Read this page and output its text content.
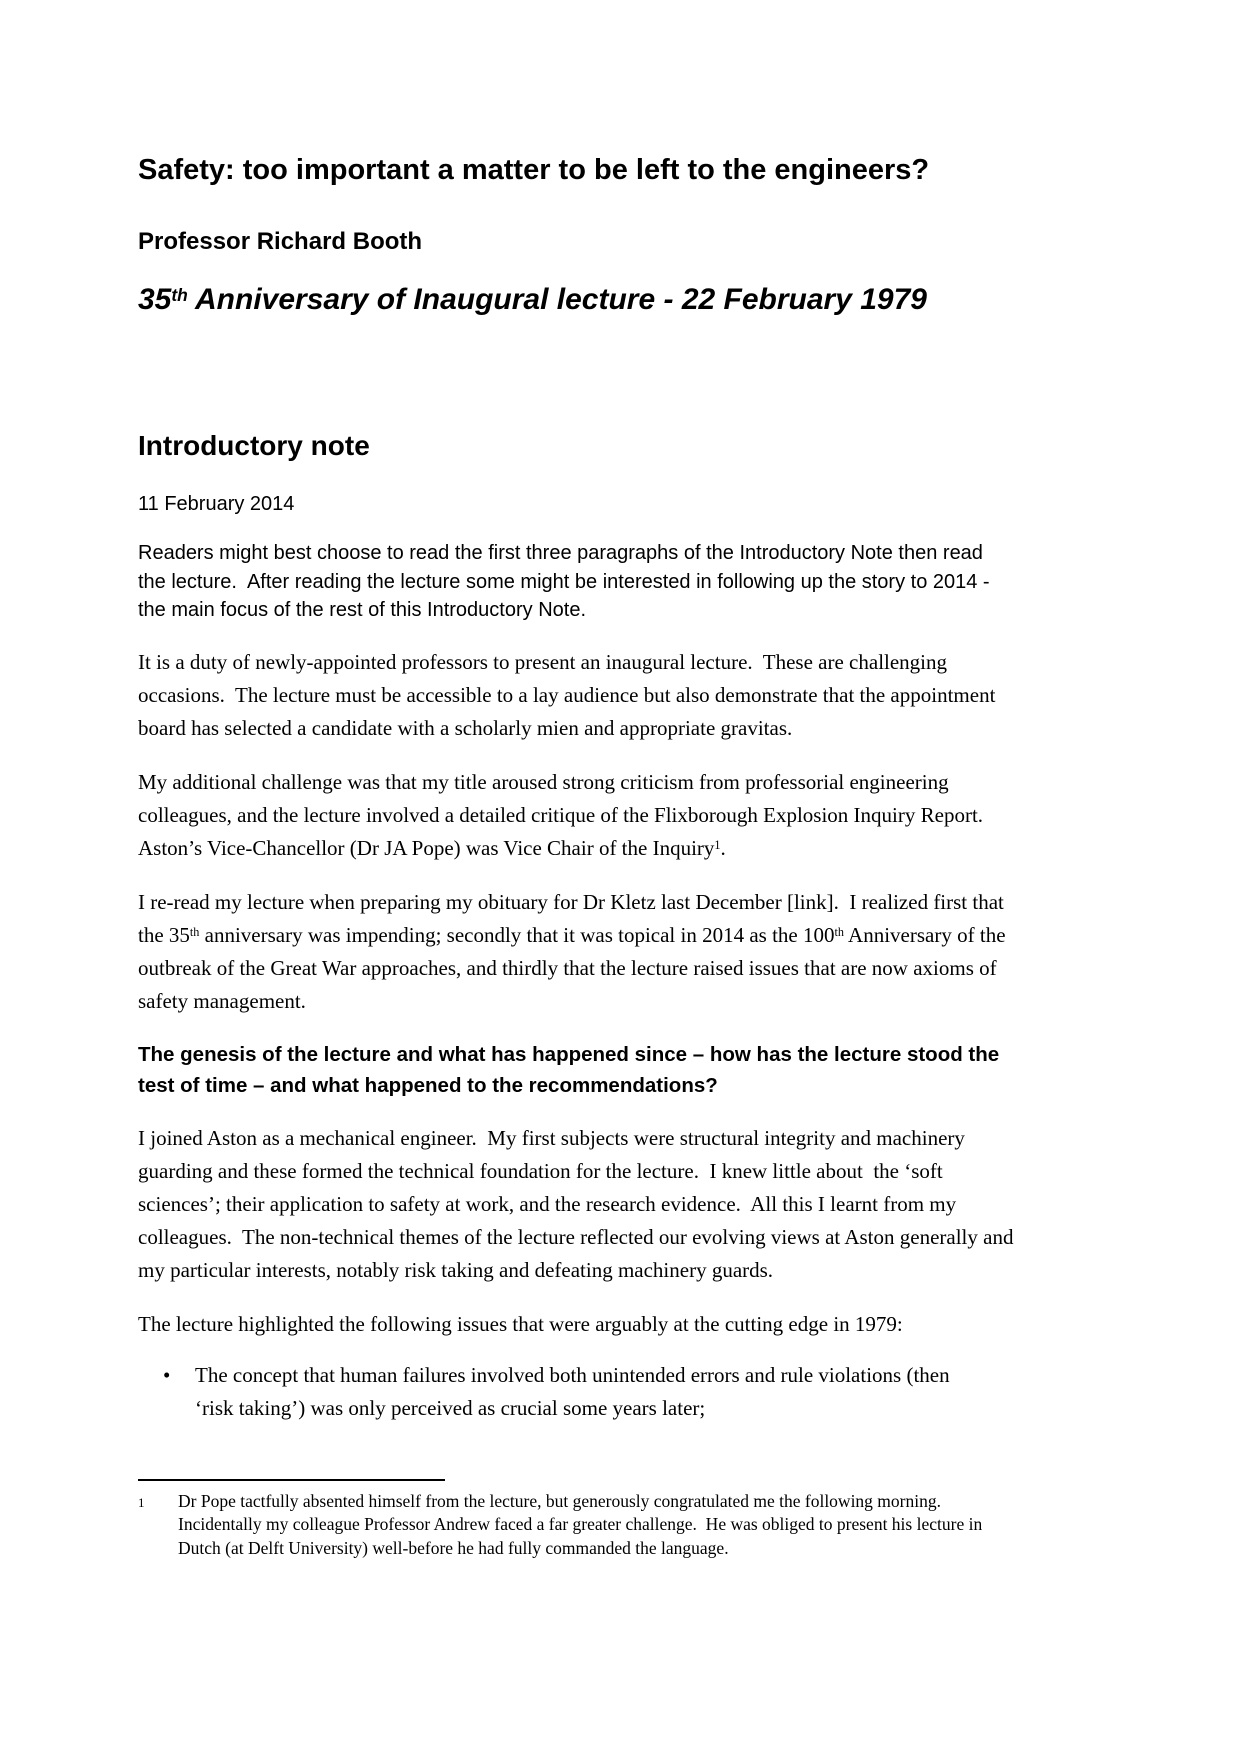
Safety: too important a matter to be left to the engineers?
Professor Richard Booth
35th Anniversary of Inaugural lecture - 22 February 1979
Introductory note

11 February 2014

Readers might best choose to read the first three paragraphs of the Introductory Note then read the lecture.  After reading the lecture some might be interested in following up the story to 2014 - the main focus of the rest of this Introductory Note.

It is a duty of newly-appointed professors to present an inaugural lecture.  These are challenging occasions.  The lecture must be accessible to a lay audience but also demonstrate that the appointment board has selected a candidate with a scholarly mien and appropriate gravitas.

My additional challenge was that my title aroused strong criticism from professorial engineering colleagues, and the lecture involved a detailed critique of the Flixborough Explosion Inquiry Report.  Aston’s Vice-Chancellor (Dr JA Pope) was Vice Chair of the Inquiry$^1$.

I re-read my lecture when preparing my obituary for Dr Kletz last December [link].  I realized first that the 35th anniversary was impending; secondly that it was topical in 2014 as the 100th Anniversary of the outbreak of the Great War approaches, and thirdly that the lecture raised issues that are now axioms of safety management.

The genesis of the lecture and what has happened since – how has the lecture stood the test of time – and what happened to the recommendations?

I joined Aston as a mechanical engineer.  My first subjects were structural integrity and machinery guarding and these formed the technical foundation for the lecture.  I knew little about  the ‘soft sciences’; their application to safety at work, and the research evidence.  All this I learnt from my colleagues.  The non-technical themes of the lecture reflected our evolving views at Aston generally and my particular interests, notably risk taking and defeating machinery guards.

The lecture highlighted the following issues that were arguably at the cutting edge in 1979:

•	The concept that human failures involved both unintended errors and rule violations (then ‘risk taking’) was only perceived as crucial some years later;
1	Dr Pope tactfully absented himself from the lecture, but generously congratulated me the following morning.  Incidentally my colleague Professor Andrew faced a far greater challenge.  He was obliged to present his lecture in Dutch (at Delft University) well-before he had fully commanded the language.
